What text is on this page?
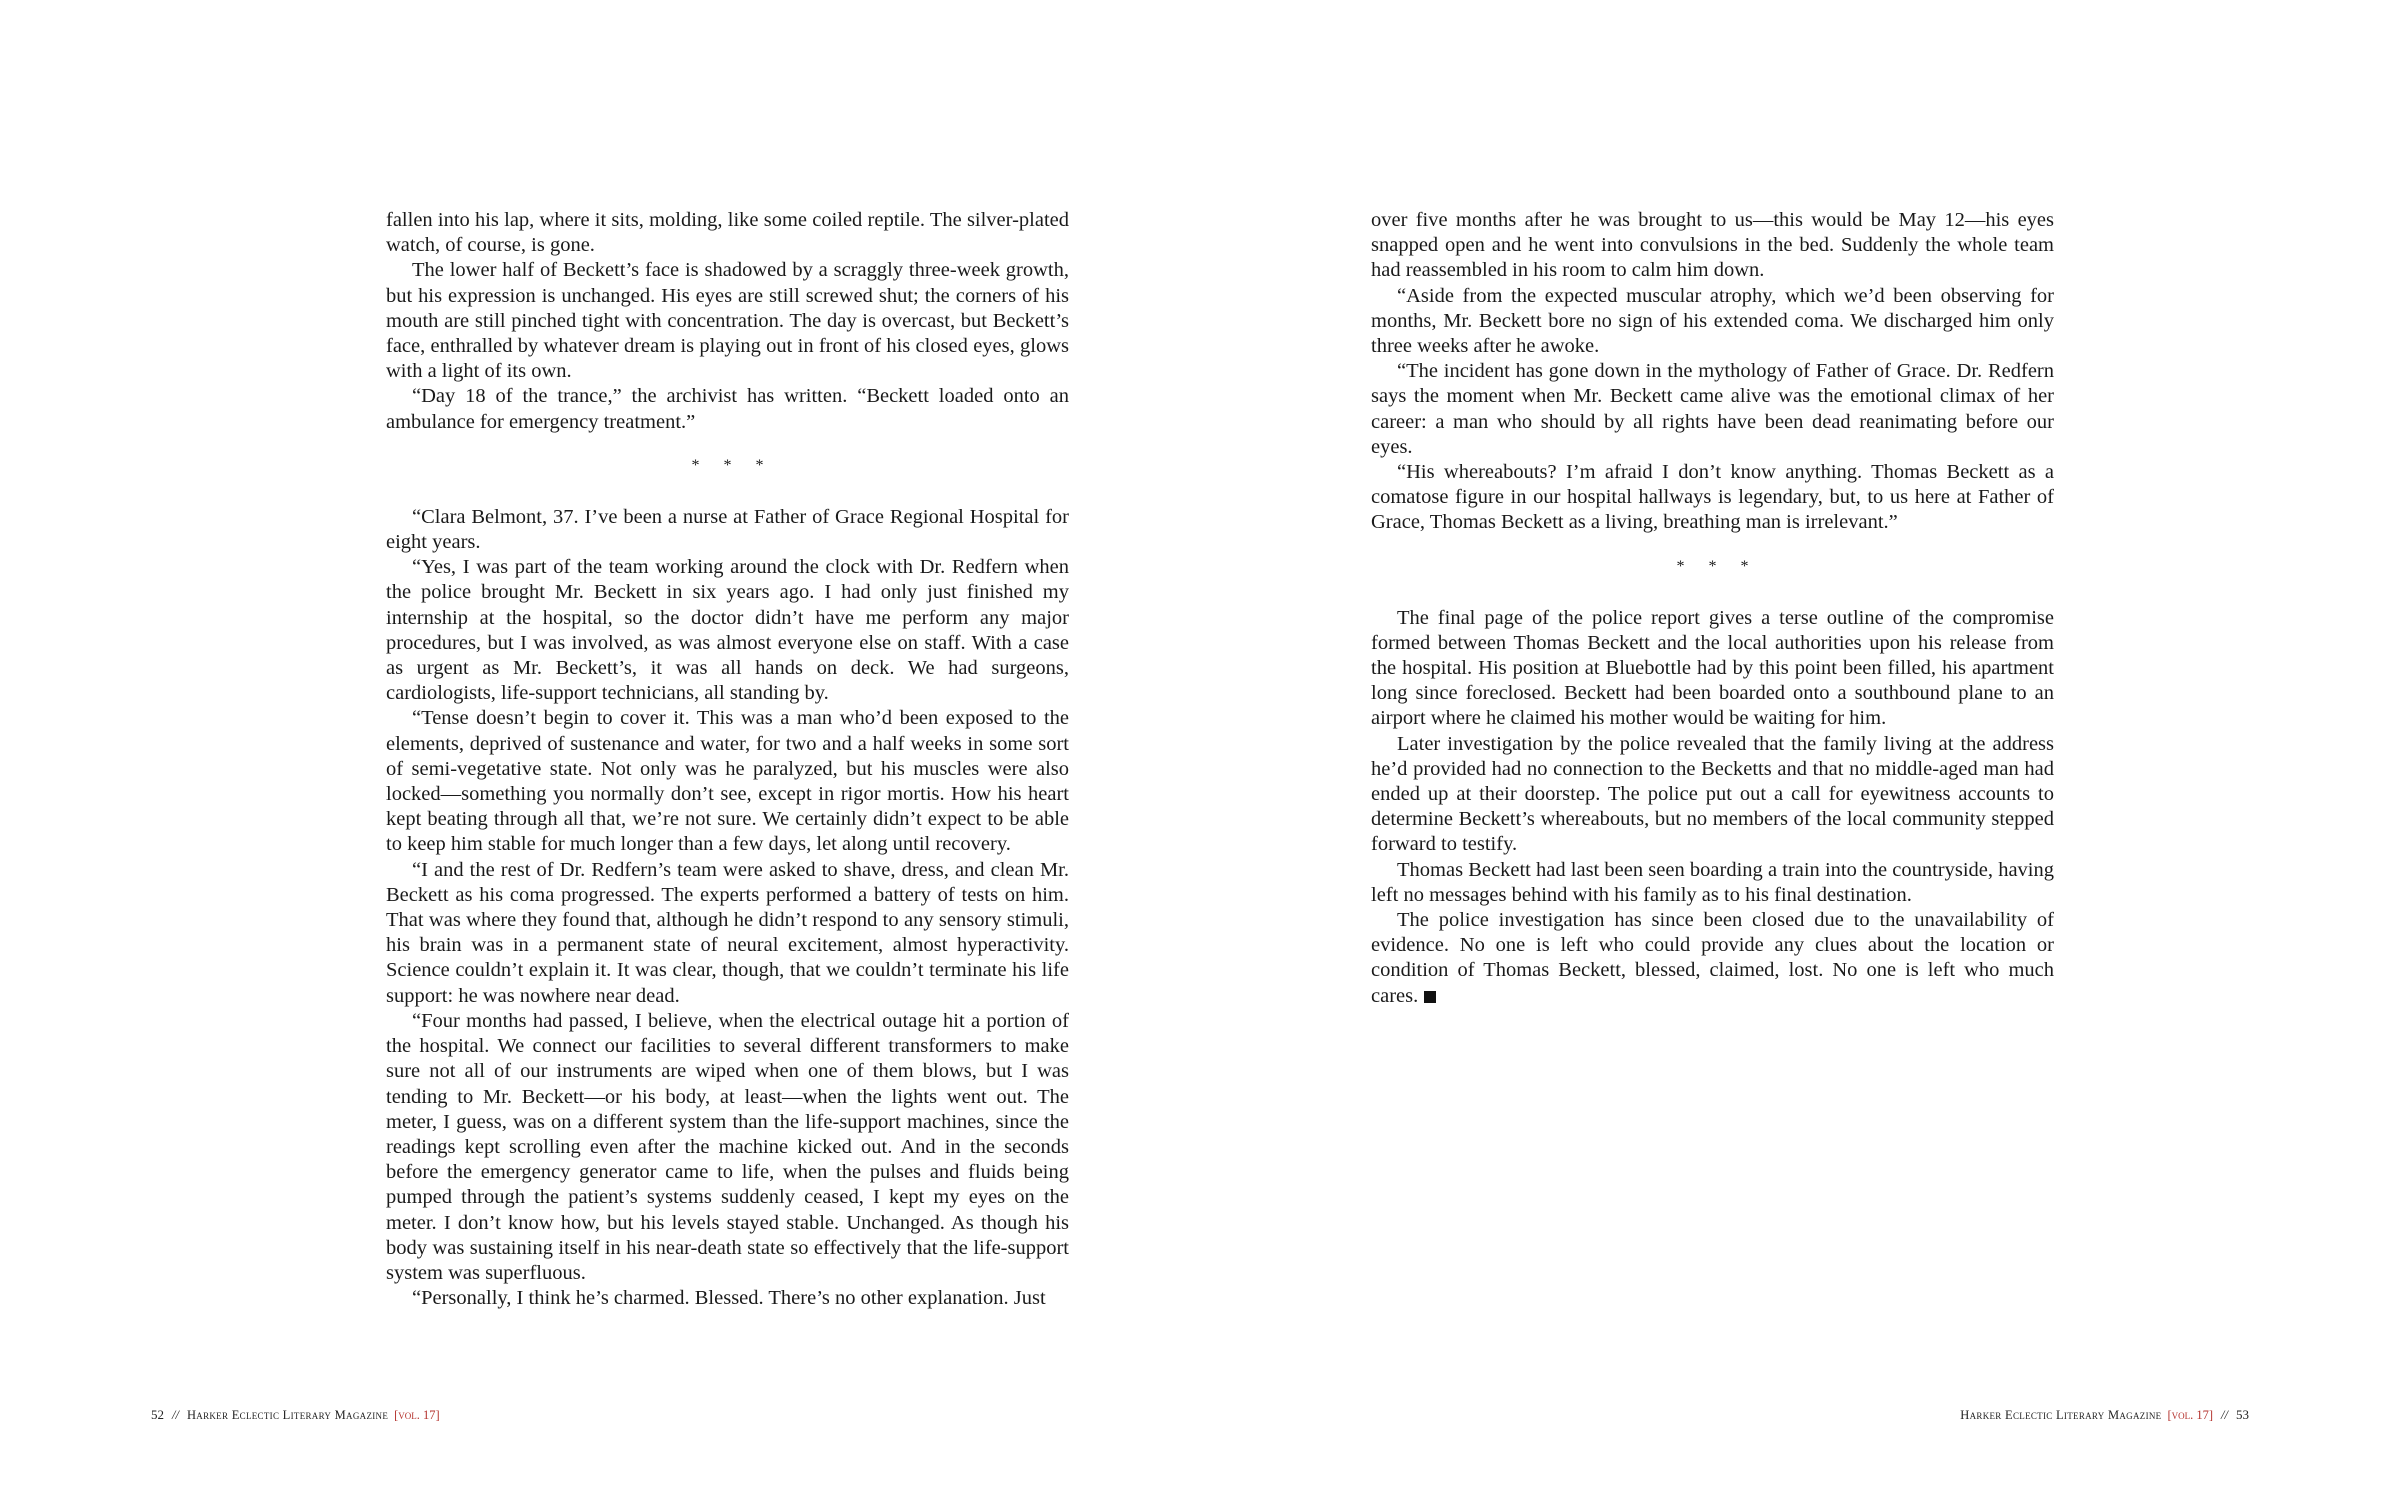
fallen into his lap, where it sits, molding, like some coiled reptile. The silver-plated watch, of course, is gone.

The lower half of Beckett’s face is shadowed by a scraggly three-week growth, but his expression is unchanged. His eyes are still screwed shut; the corners of his mouth are still pinched tight with concentration. The day is overcast, but Beckett’s face, enthralled by whatever dream is playing out in front of his closed eyes, glows with a light of its own.

“Day 18 of the trance,” the archivist has written. “Beckett loaded onto an ambulance for emergency treatment.”

* * *

“Clara Belmont, 37. I’ve been a nurse at Father of Grace Regional Hospital for eight years.

“Yes, I was part of the team working around the clock with Dr. Redfern when the police brought Mr. Beckett in six years ago. I had only just finished my internship at the hospital, so the doctor didn’t have me perform any major procedures, but I was involved, as was almost everyone else on staff. With a case as urgent as Mr. Beckett’s, it was all hands on deck. We had surgeons, cardiologists, life-support technicians, all standing by.

“Tense doesn’t begin to cover it. This was a man who’d been exposed to the elements, deprived of sustenance and water, for two and a half weeks in some sort of semi-vegetative state. Not only was he paralyzed, but his muscles were also locked—something you normally don’t see, except in rigor mortis. How his heart kept beating through all that, we’re not sure. We certainly didn’t expect to be able to keep him stable for much longer than a few days, let along until recovery.

“I and the rest of Dr. Redfern’s team were asked to shave, dress, and clean Mr. Beckett as his coma progressed. The experts performed a battery of tests on him. That was where they found that, although he didn’t respond to any sensory stimuli, his brain was in a permanent state of neural excitement, almost hyperactivity. Science couldn’t explain it. It was clear, though, that we couldn’t terminate his life support: he was nowhere near dead.

“Four months had passed, I believe, when the electrical outage hit a portion of the hospital. We connect our facilities to several different transformers to make sure not all of our instruments are wiped when one of them blows, but I was tending to Mr. Beckett—or his body, at least—when the lights went out. The meter, I guess, was on a different system than the life-support machines, since the readings kept scrolling even after the machine kicked out. And in the seconds before the emergency generator came to life, when the pulses and fluids being pumped through the patient’s systems suddenly ceased, I kept my eyes on the meter. I don’t know how, but his levels stayed stable. Unchanged. As though his body was sustaining itself in his near-death state so effectively that the life-support system was superfluous.

“Personally, I think he’s charmed. Blessed. There’s no other explanation. Just

52 // Harker Eclectic Literary Magazine [vol. 17]

over five months after he was brought to us—this would be May 12—his eyes snapped open and he went into convulsions in the bed. Suddenly the whole team had reassembled in his room to calm him down.

“Aside from the expected muscular atrophy, which we’d been observing for months, Mr. Beckett bore no sign of his extended coma. We discharged him only three weeks after he awoke.

“The incident has gone down in the mythology of Father of Grace. Dr. Redfern says the moment when Mr. Beckett came alive was the emotional climax of her career: a man who should by all rights have been dead reanimating before our eyes.

“His whereabouts? I’m afraid I don’t know anything. Thomas Beckett as a comatose figure in our hospital hallways is legendary, but, to us here at Father of Grace, Thomas Beckett as a living, breathing man is irrelevant.”

* * *

The final page of the police report gives a terse outline of the compromise formed between Thomas Beckett and the local authorities upon his release from the hospital. His position at Bluebottle had by this point been filled, his apartment long since foreclosed. Beckett had been boarded onto a southbound plane to an airport where he claimed his mother would be waiting for him.

Later investigation by the police revealed that the family living at the address he’d provided had no connection to the Becketts and that no middle-aged man had ended up at their doorstep. The police put out a call for eyewitness accounts to determine Beckett’s whereabouts, but no members of the local community stepped forward to testify.

Thomas Beckett had last been seen boarding a train into the countryside, having left no messages behind with his family as to his final destination.

The police investigation has since been closed due to the unavailability of evidence. No one is left who could provide any clues about the location or condition of Thomas Beckett, blessed, claimed, lost. No one is left who much cares.

Harker Eclectic Literary Magazine [vol. 17] // 53
